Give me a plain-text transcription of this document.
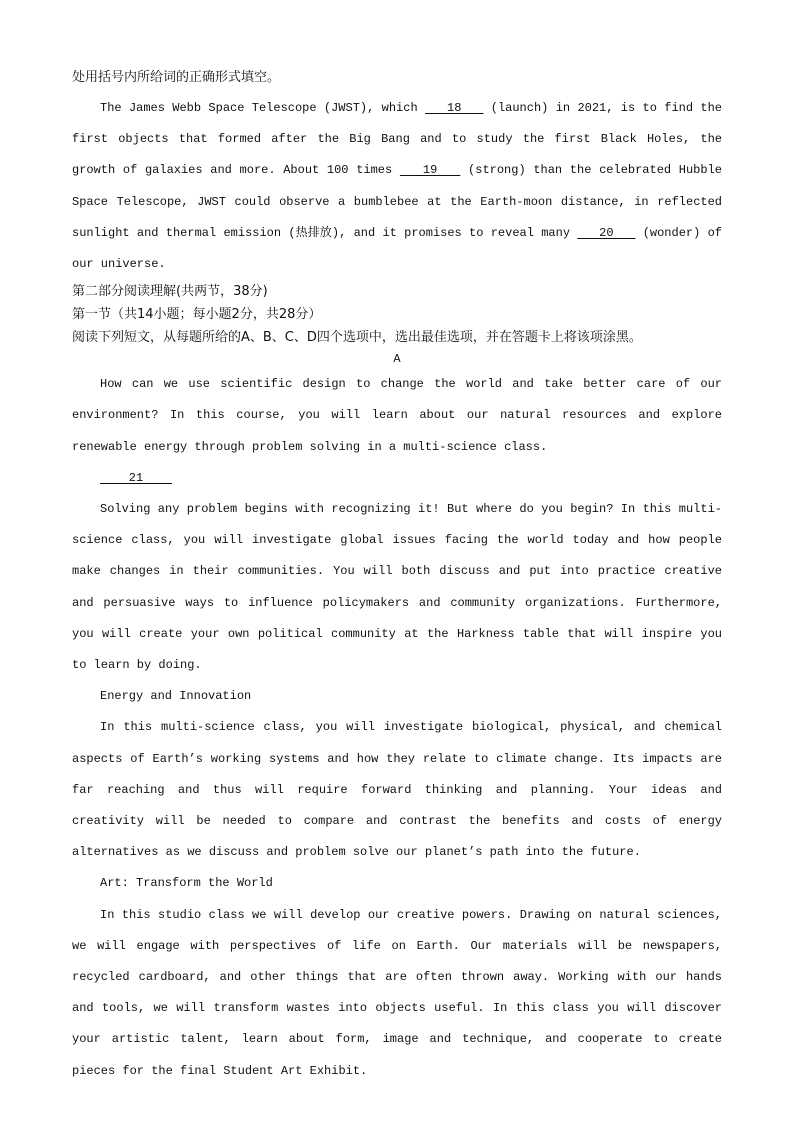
处用括号内所给词的正确形式填空。

The James Webb Space Telescope (JWST), which    18    (launch) in 2021, is to find the first objects that formed after the Big Bang and to study the first Black Holes, the growth of galaxies and more. About 100 times    19    (strong) than the celebrated Hubble Space Telescope, JWST could observe a bumblebee at the Earth-moon distance, in reflected sunlight and thermal emission (热排放), and it promises to reveal many    20    (wonder) of our universe.

第二部分阅读理解(共两节，38分)

第一节（共14小题；每小题2分，共28分）

阅读下列短文，从每题所给的A、B、C、D四个选项中，选出最佳选项，并在答题卡上将该项涂黑。

A

How can we use scientific design to change the world and take better care of our environment? In this course, you will learn about our natural resources and explore renewable energy through problem solving in a multi-science class.

21

Solving any problem begins with recognizing it! But where do you begin? In this multi-science class, you will investigate global issues facing the world today and how people make changes in their communities. You will both discuss and put into practice creative and persuasive ways to influence policymakers and community organizations. Furthermore, you will create your own political community at the Harkness table that will inspire you to learn by doing.

Energy and Innovation

In this multi-science class, you will investigate biological, physical, and chemical aspects of Earth’s working systems and how they relate to climate change. Its impacts are far reaching and thus will require forward thinking and planning. Your ideas and creativity will be needed to compare and contrast the benefits and costs of energy alternatives as we discuss and problem solve our planet’s path into the future.

Art: Transform the World

In this studio class we will develop our creative powers. Drawing on natural sciences, we will engage with perspectives of life on Earth. Our materials will be newspapers, recycled cardboard, and other things that are often thrown away. Working with our hands and tools, we will transform wastes into objects useful. In this class you will discover your artistic talent, learn about form, image and technique, and cooperate to create pieces for the final Student Art Exhibit.
